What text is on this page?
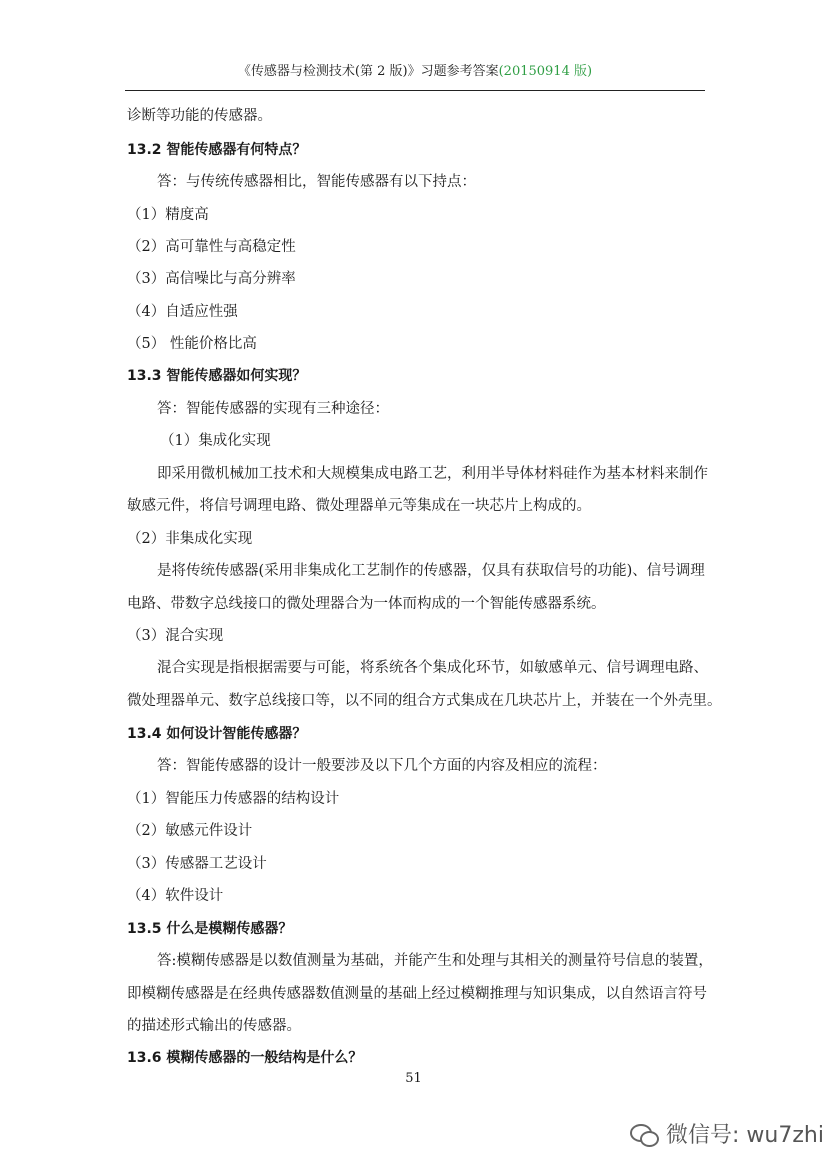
《传感器与检测技术(第 2 版)》习题参考答案(20150914 版)
诊断等功能的传感器。
13.2 智能传感器有何特点？
答：与传统传感器相比，智能传感器有以下持点：
（1）精度高
（2）高可靠性与高稳定性
（3）高信噪比与高分辨率
（4）自适应性强
（5） 性能价格比高
13.3 智能传感器如何实现？
答：智能传感器的实现有三种途径：
（1）集成化实现
即采用微机械加工技术和大规模集成电路工艺，利用半导体材料硅作为基本材料来制作
敏感元件，将信号调理电路、微处理器单元等集成在一块芯片上构成的。
（2）非集成化实现
是将传统传感器(采用非集成化工艺制作的传感器，仅具有获取信号的功能)、信号调理
电路、带数字总线接口的微处理器合为一体而构成的一个智能传感器系统。
（3）混合实现
混合实现是指根据需要与可能，将系统各个集成化环节，如敏感单元、信号调理电路、
微处理器单元、数字总线接口等，以不同的组合方式集成在几块芯片上，并装在一个外壳里。
13.4 如何设计智能传感器？
答：智能传感器的设计一般要涉及以下几个方面的内容及相应的流程：
（1）智能压力传感器的结构设计
（2）敏感元件设计
（3）传感器工艺设计
（4）软件设计
13.5 什么是模糊传感器？
答:模糊传感器是以数值测量为基础，并能产生和处理与其相关的测量符号信息的装置，
即模糊传感器是在经典传感器数值测量的基础上经过模糊推理与知识集成，以自然语言符号
的描述形式输出的传感器。
13.6 模糊传感器的一般结构是什么？
51
微信号: wu7zhi
